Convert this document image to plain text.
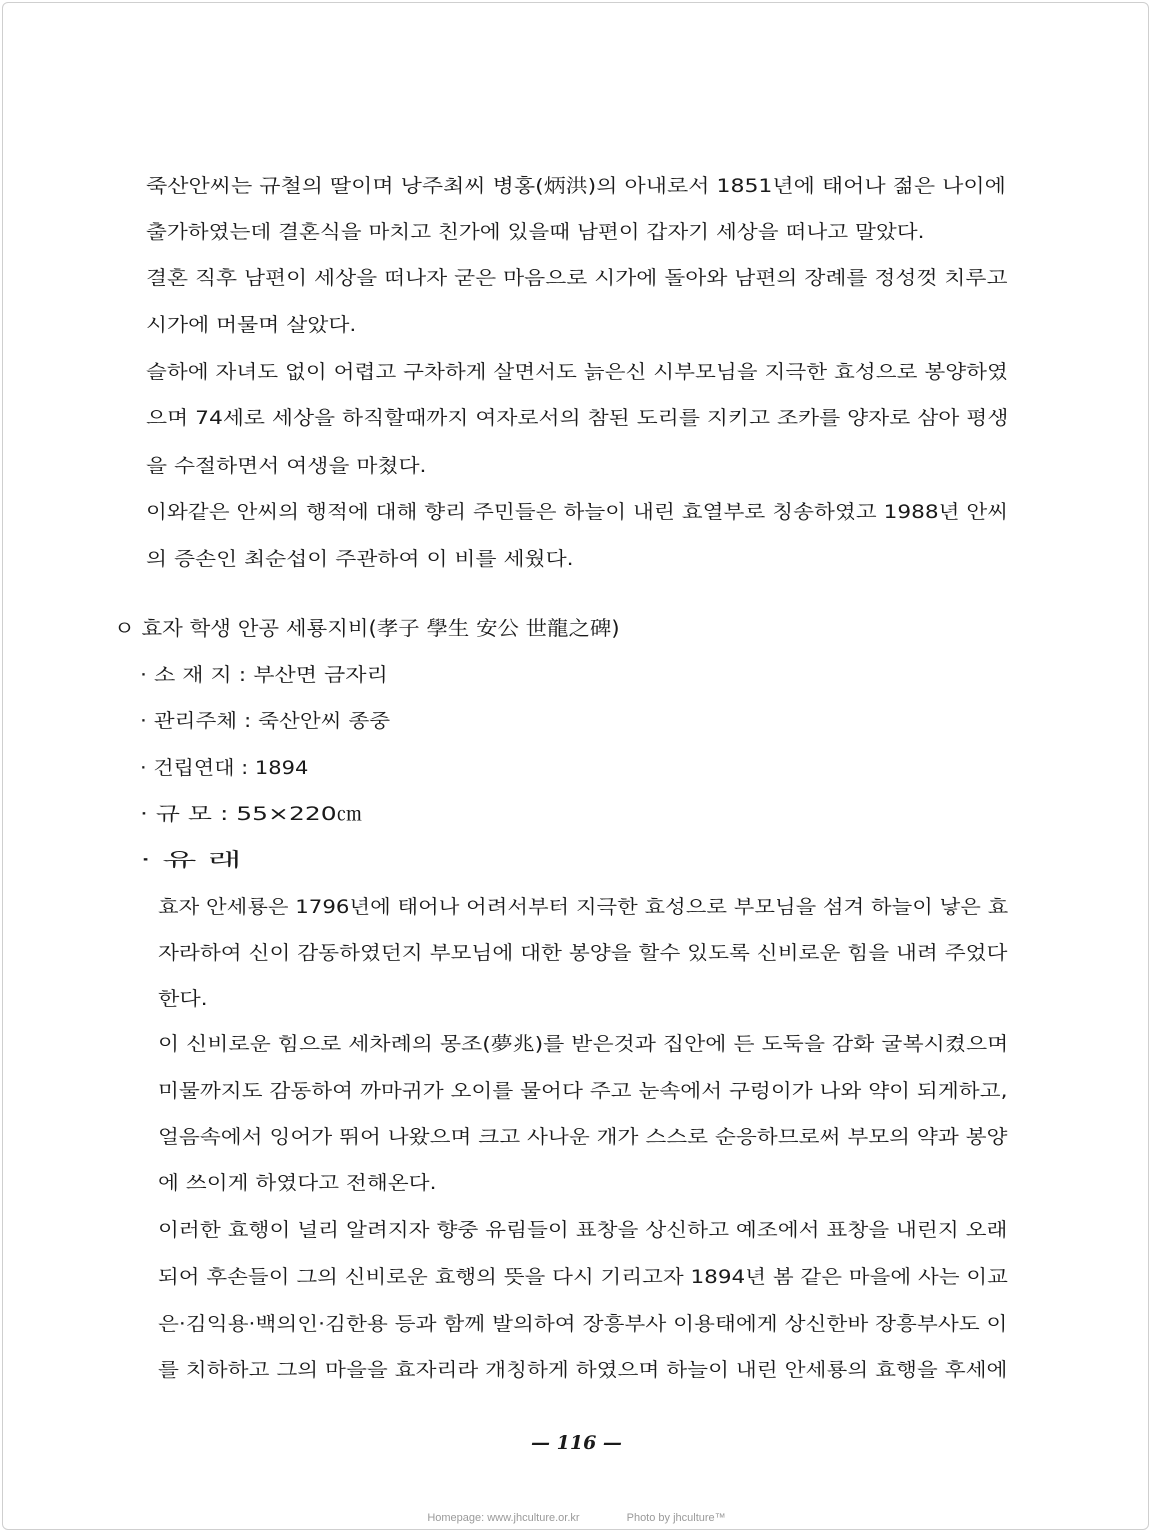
죽산안씨는 규철의 딸이며 낭주최씨 병홍(炳洪)의 아내로서 1851년에 태어나 젊은 나이에
출가하였는데 결혼식을 마치고 친가에 있을때 남편이 갑자기 세상을 떠나고 말았다.
결혼 직후 남편이 세상을 떠나자 굳은 마음으로 시가에 돌아와 남편의 장례를 정성껏 치루고
시가에 머물며 살았다.
슬하에 자녀도 없이 어렵고 구차하게 살면서도 늙은신 시부모님을 지극한 효성으로 봉양하였
으며 74세로 세상을 하직할때까지 여자로서의 참된 도리를 지키고 조카를 양자로 삼아 평생
을 수절하면서 여생을 마쳤다.
이와같은 안씨의 행적에 대해 향리 주민들은 하늘이 내린 효열부로 칭송하였고 1988년 안씨
의 증손인 최순섭이 주관하여 이 비를 세웠다.
ㅇ 효자 학생 안공 세룡지비(孝子 學生 安公 世龍之碑)
· 소 재 지 : 부산면 금자리
· 관리주체 : 죽산안씨 종중
· 건립연대 : 1894
· 규 모 : 55×220㎝
· 유 래
효자 안세룡은 1796년에 태어나 어려서부터 지극한 효성으로 부모님을 섬겨 하늘이 낳은 효
자라하여 신이 감동하였던지 부모님에 대한 봉양을 할수 있도록 신비로운 힘을 내려 주었다
한다.
이 신비로운 힘으로 세차례의 몽조(夢兆)를 받은것과 집안에 든 도둑을 감화 굴복시켰으며
미물까지도 감동하여 까마귀가 오이를 물어다 주고 눈속에서 구렁이가 나와 약이 되게하고,
얼음속에서 잉어가 뛰어 나왔으며 크고 사나운 개가 스스로 순응하므로써 부모의 약과 봉양
에 쓰이게 하였다고 전해온다.
이러한 효행이 널리 알려지자 향중 유림들이 표창을 상신하고 예조에서 표창을 내린지 오래
되어 후손들이 그의 신비로운 효행의 뜻을 다시 기리고자 1894년 봄 같은 마을에 사는 이교
은·김익용·백의인·김한용 등과 함께 발의하여 장흥부사 이용태에게 상신한바 장흥부사도 이
를 치하하고 그의 마을을 효자리라 개칭하게 하였으며 하늘이 내린 안세룡의 효행을 후세에
— 116 —
Homepage: www.jhculture.or.kr	Photo by jhculture™
